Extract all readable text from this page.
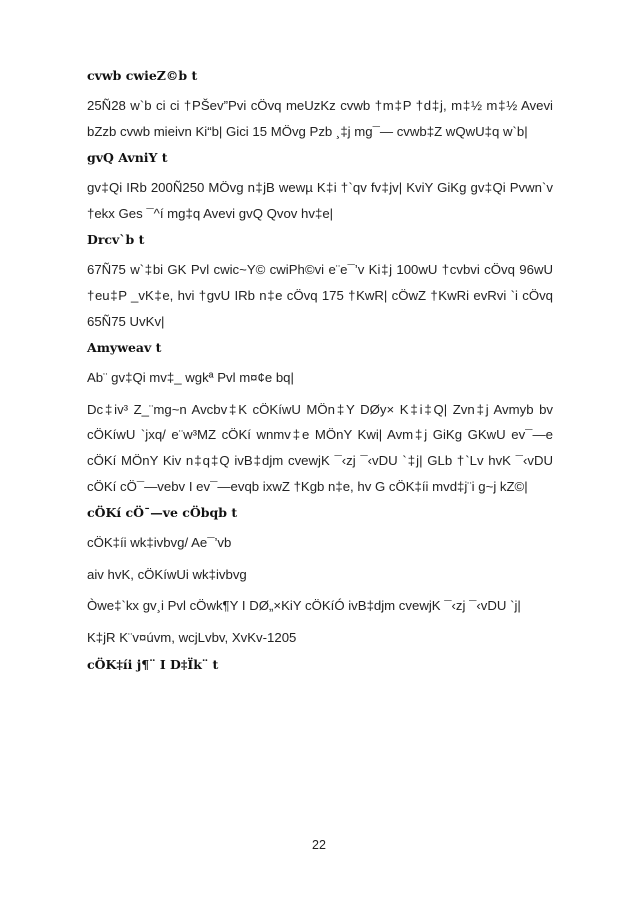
cvwb cwieZ©b t

25Ñ28 w`b ci ci †PŠev”Pvi cÖvq meUzKz cvwb †m‡P †d‡j, m‡½ m‡½ Avevi bZzb cvwb mieivn Ki“b| Gici 15 MÖvg Pzb ¸‡j mg¯— cvwb‡Z wQwU‡q w`b|

gvQ AvniY t

gv‡Qi IRb 200Ñ250 MÖvg n‡jB wewµ K‡i †`qv fv‡jv| KviY GiKg gv‡Qi Pvwn`v †ekx Ges ¯^í mg‡q Avevi gvQ Qvov hv‡e|

Drcv`b t

67Ñ75 w`‡bi GK Pvl cwic~Y© cwiPh©vi e¨e¯’v Ki‡j 100wU †cvbvi cÖvq 96wU †eu‡P _vK‡e, hvi †gvU IRb n‡e cÖvq 175 †KwR| cÖwZ †KwRi evRvi `i cÖvq 65Ñ75 UvKv|

Amyweav t

Ab¨ gv‡Qi mv‡_ wgkª Pvl m¤¢e bq|

Dc‡iv³ Z_¨mg~n Avcbv‡K cÖKíwU MÖn‡Y DØy× K‡i‡Q| Zvn‡j Avmyb bv cÖKíwU `jxq/ e¨w³MZ cÖKí wnmv‡e MÖnY Kwi| Avm‡j GiKg GKwU ev¯—e cÖKí MÖnY Kiv n‡q‡Q ivB‡djm cvewjK ¯‹zj ¯‹vDU `‡j| GLb †`Lv hvK ¯‹vDU cÖKí cÖ¯—vebv I ev¯—evqb ixwZ †Kgb n‡e, hv G cÖK‡íi mvd‡j¨i g~j kZ©|

cÖKí cÖ¯—ve cÖbqb t

cÖK‡íi wk‡ivbvg/ Ae¯’vb

aiv hvK, cÖKíwUi wk‡ivbvg

Òwe‡`kx gv¸i Pvl cÖwk¶Y I DØ„×KiY cÖKíÓ ivB‡djm cvewjK ¯‹zj ¯‹vDU `j|

K‡jR K¨v¤úvm, wcjLvbv, XvKv-1205

cÖK‡íi j¶¨ I D‡Ïk¨ t
22
